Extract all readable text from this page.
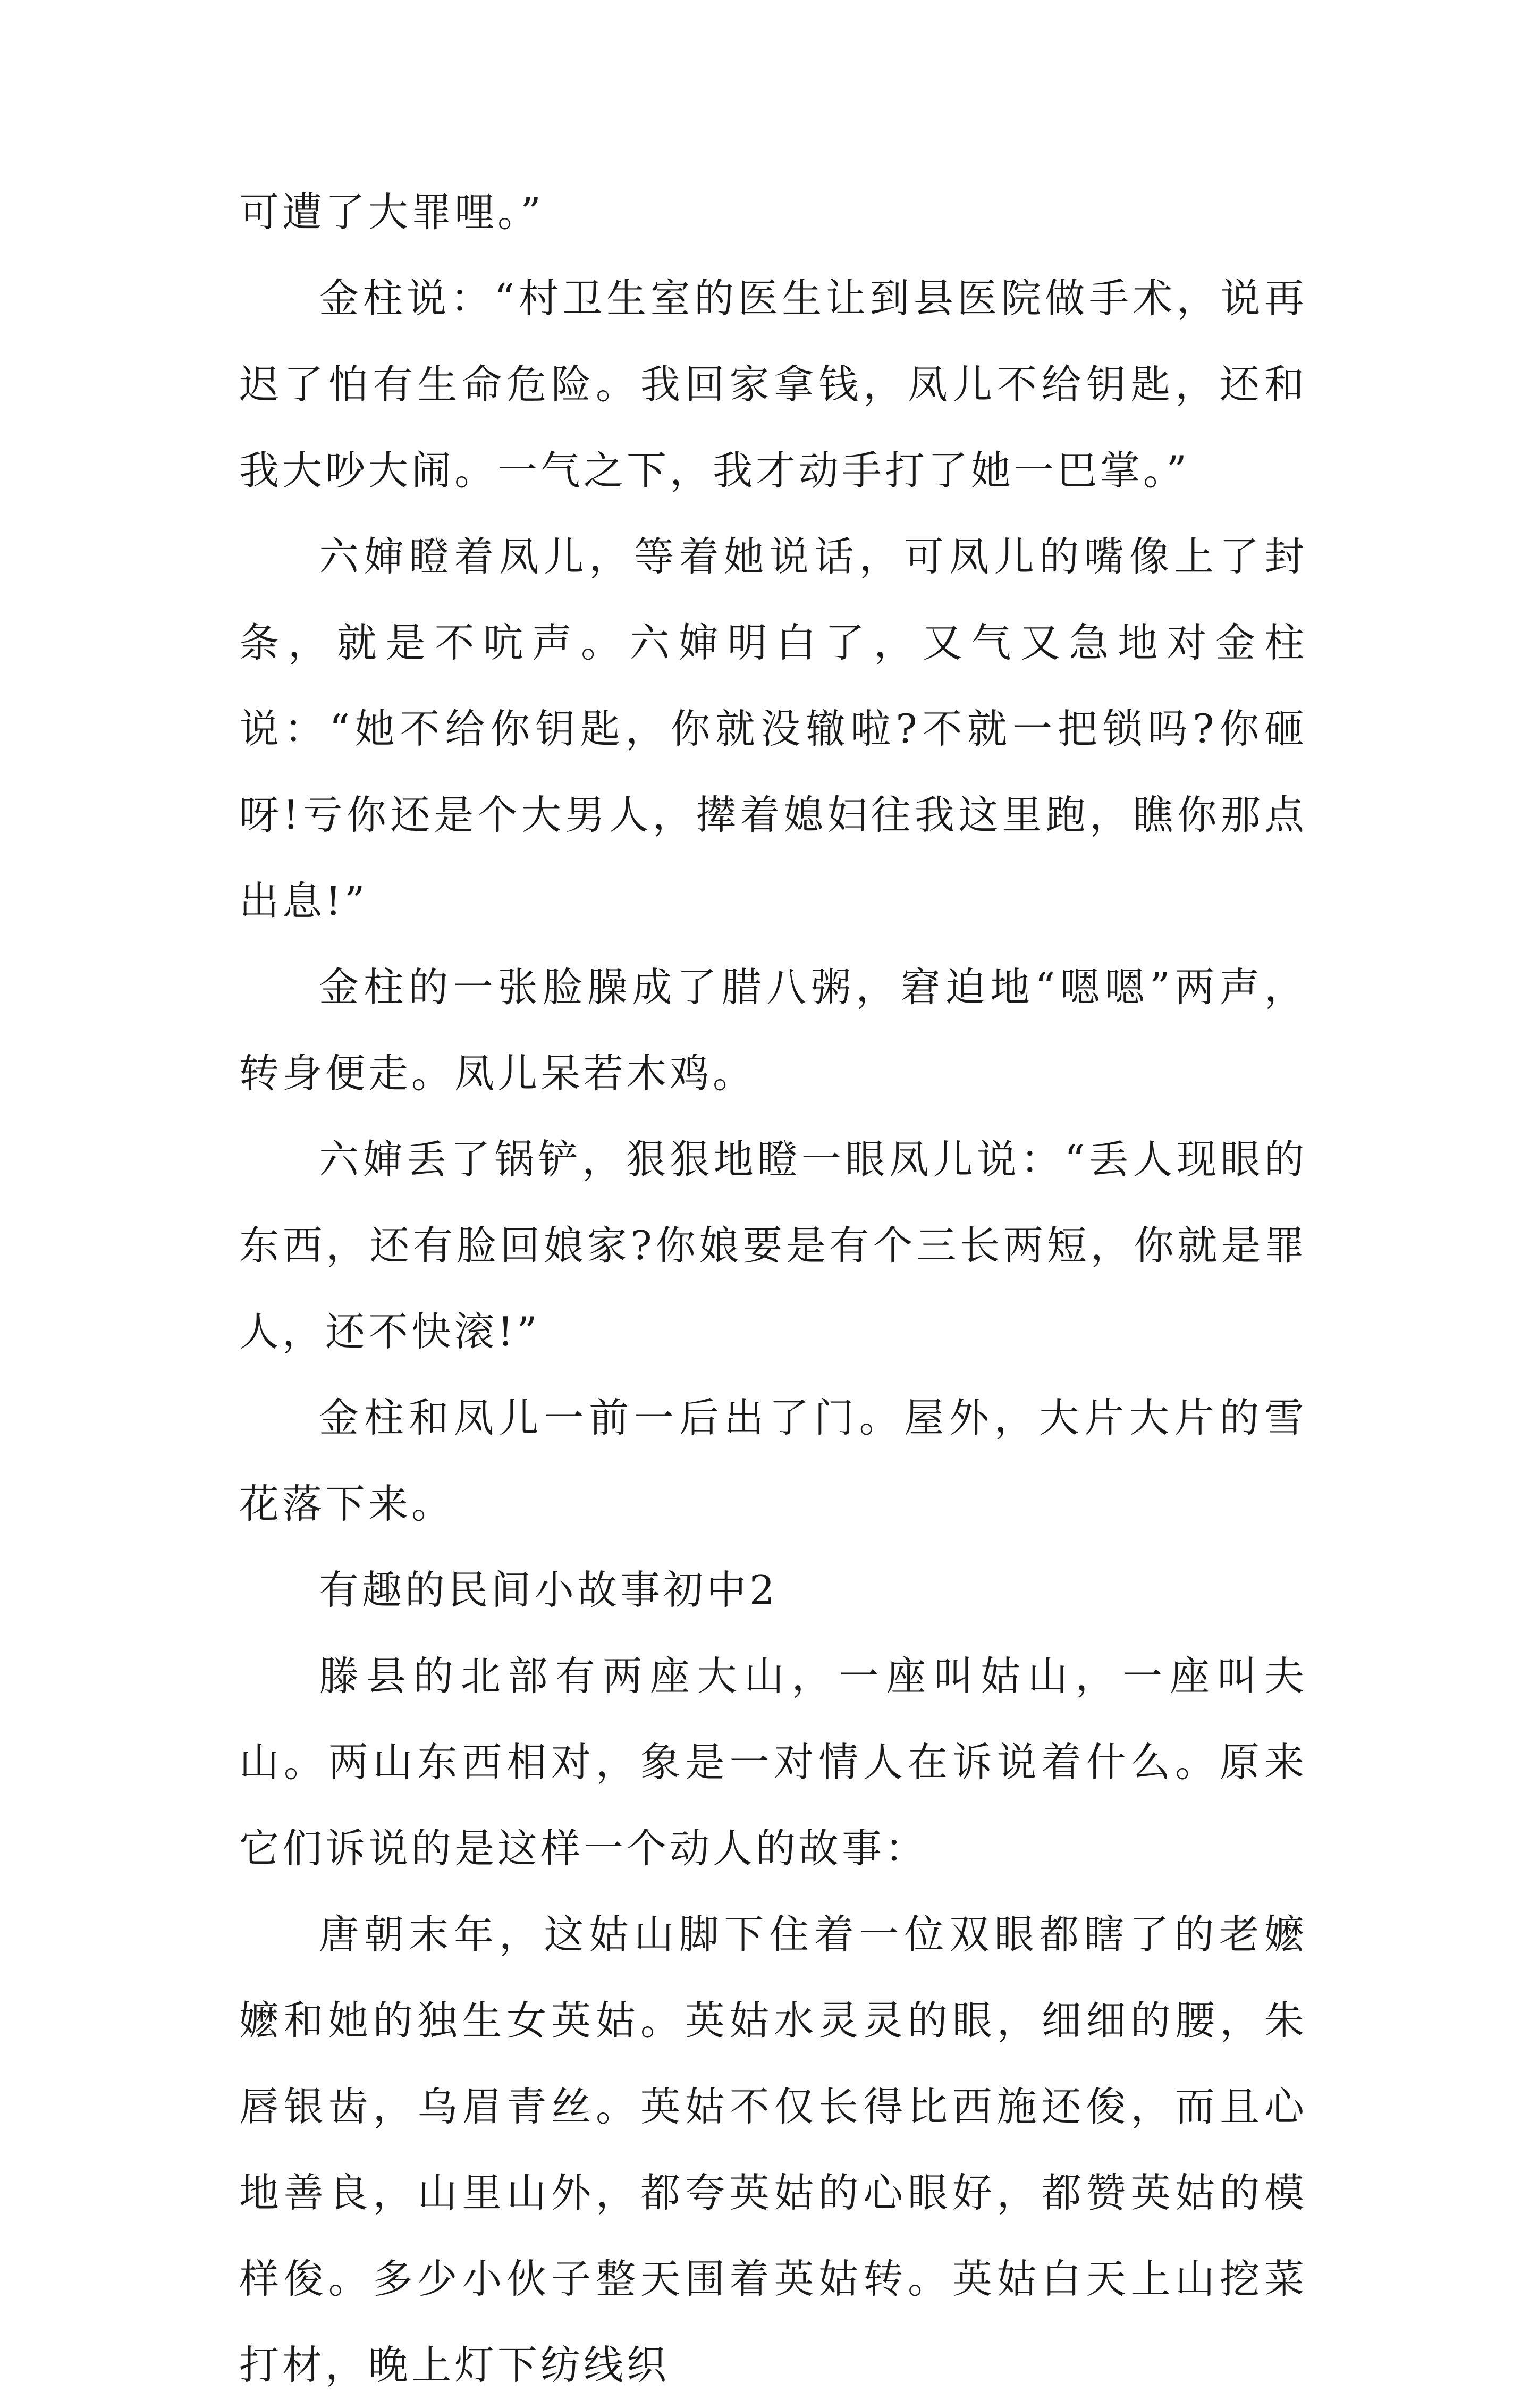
可遭了大罪哩。”

金柱说：“村卫生室的医生让到县医院做手术，说再迟了怕有生命危险。我回家拿钱，凤儿不给钥匙，还和我大吵大闹。一气之下，我才动手打了她一巴掌。”

六婶瞪着凤儿，等着她说话，可凤儿的嘴像上了封条，就是不吭声。六婶明白了，又气又急地对金柱说：“她不给你钥匙，你就没辙啦?不就一把锁吗?你砸呀!亏你还是个大男人，撵着媳妇往我这里跑，瞧你那点出息!”

金柱的一张脸臊成了腊八粥，窘迫地“嗯嗯”两声，转身便走。凤儿呆若木鸡。

六婶丢了锅铲，狠狠地瞪一眼凤儿说：“丢人现眼的东西，还有脸回娘家?你娘要是有个三长两短，你就是罪人，还不快滚!”

金柱和凤儿一前一后出了门。屋外，大片大片的雪花落下来。

有趣的民间小故事初中2

滕县的北部有两座大山，一座叫姑山，一座叫夫山。两山东西相对，象是一对情人在诉说着什么。原来它们诉说的是这样一个动人的故事：

唐朝末年，这姑山脚下住着一位双眼都瞎了的老嬷嬷和她的独生女英姑。英姑水灵灵的眼，细细的腰，朱唇银齿，乌眉青丝。英姑不仅长得比西施还俊，而且心地善良，山里山外，都夸英姑的心眼好，都赞英姑的模样俊。多少小伙子整天围着英姑转。英姑白天上山挖菜打材，晚上灯下纺线织
